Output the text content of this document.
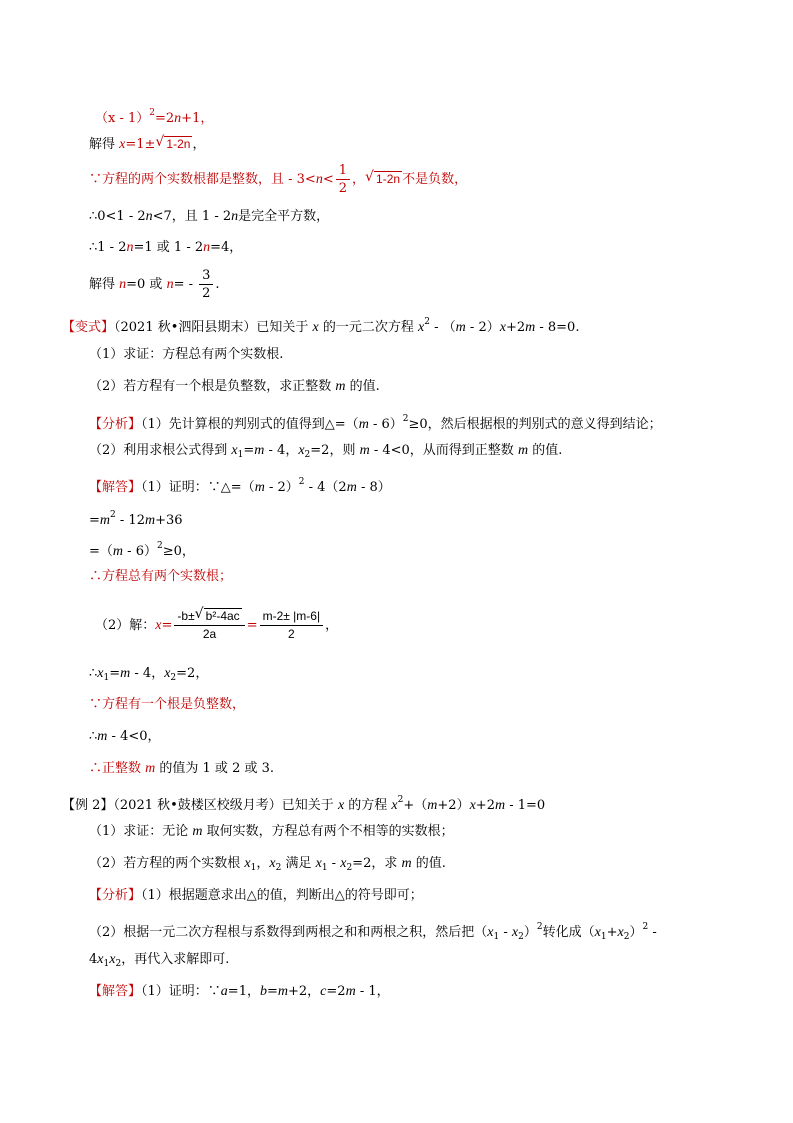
（x - 1）$^2$=2n+1，
解得 x=1± √ 1-2n ，
∵方程的两个实数根都是整数，且 - $3<n< \frac{1}{2}$ ， √ 1-2n 不是负数，
∴0<1 - 2n<7，且 1 - 2n是完全平方数，
∴1 - 2n=1 或 1 - 2n=4，
解得 n=0 或 $n= - \frac{3}{2}$ .
【变式】（2021 秋•泗阳县期末）已知关于 x 的一元二次方程 $x^2 - (m - 2)x+2m - 8=0$.
（1）求证：方程总有两个实数根.
（2）若方程有一个根是负整数，求正整数 m 的值.
【分析】（1）先计算根的判别式的值得到△=（m - 6）$^2$≥0，然后根据根的判别式的意义得到结论；
（2）利用求根公式得到 $x_1=m - 4$，$x_2=2$，则 m - 4<0，从而得到正整数 m 的值.
【解答】（1）证明：∵△=（m - 2）$^2$ - 4（2m - 8）
$=m^2 - 12m+36$
=（m - 6）$^2$≥0，
∴方程总有两个实数根；
（2）解：$x= \frac{\text{-b± √ b²-4ac}}{2a} = \frac{m-2\pm |m-6|}{2}$ ，
$\therefore x_1=m - 4$，$x_2=2$，
∵方程有一个根是负整数，
∴m - 4<0，
∴正整数 m 的值为 1 或 2 或 3.
【例 2】（2021 秋•鼓楼区校级月考）已知关于 x 的方程 $x^2+(m+2)x+2m - 1=0$
（1）求证：无论 m 取何实数，方程总有两个不相等的实数根；
（2）若方程的两个实数根 $x_1$，$x_2$ 满足 $x_1 - x_2=2$，求 m 的值.
【分析】（1）根据题意求出△的值，判断出△的符号即可；
（2）根据一元二次方程根与系数得到两根之和和两根之积，然后把$(x_1 - x_2)^2$转化成$(x_1+x_2)^2$ -
$4x_1x_2$，再代入求解即可.
【解答】（1）证明：∵a=1，b=m+2，c=2m - 1，
